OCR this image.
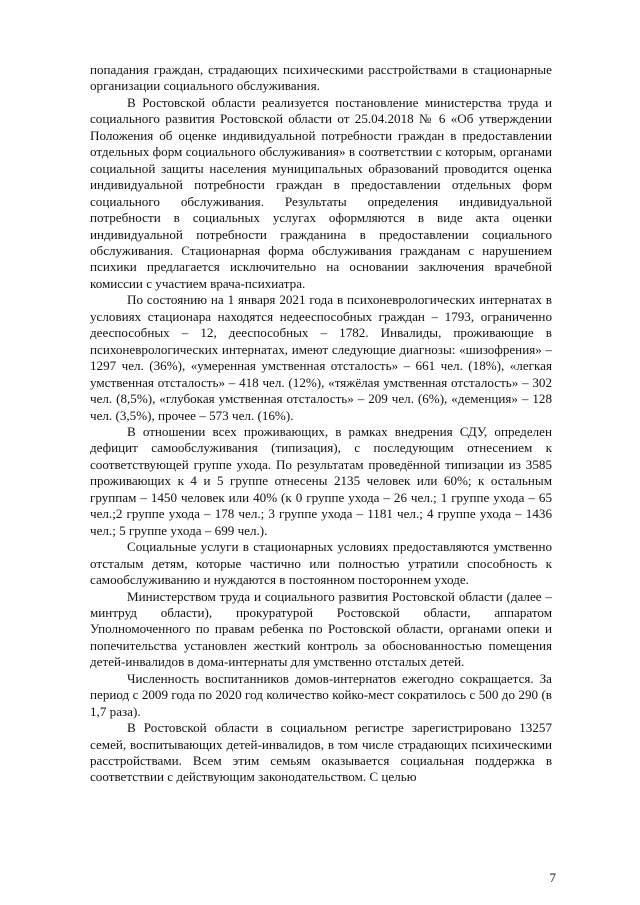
попадания граждан, страдающих психическими расстройствами в стационарные организации социального обслуживания.

В Ростовской области реализуется постановление министерства труда и социального развития Ростовской области от 25.04.2018 № 6 «Об утверждении Положения об оценке индивидуальной потребности граждан в предоставлении отдельных форм социального обслуживания» в соответствии с которым, органами социальной защиты населения муниципальных образований проводится оценка индивидуальной потребности граждан в предоставлении отдельных форм социального обслуживания. Результаты определения индивидуальной потребности в социальных услугах оформляются в виде акта оценки индивидуальной потребности гражданина в предоставлении социального обслуживания. Стационарная форма обслуживания гражданам с нарушением психики предлагается исключительно на основании заключения врачебной комиссии с участием врача-психиатра.

По состоянию на 1 января 2021 года в психоневрологических интернатах в условиях стационара находятся недееспособных граждан – 1793, ограниченно дееспособных – 12, дееспособных – 1782. Инвалиды, проживающие в психоневрологических интернатах, имеют следующие диагнозы: «шизофрения» – 1297 чел. (36%), «умеренная умственная отсталость» – 661 чел. (18%), «легкая умственная отсталость» – 418 чел. (12%), «тяжёлая умственная отсталость» – 302 чел. (8,5%), «глубокая умственная отсталость» – 209 чел. (6%), «деменция» – 128 чел. (3,5%), прочее – 573 чел. (16%).

В отношении всех проживающих, в рамках внедрения СДУ, определен дефицит самообслуживания (типизация), с последующим отнесением к соответствующей группе ухода. По результатам проведённой типизации из 3585 проживающих к 4 и 5 группе отнесены 2135 человек или 60%; к остальным группам – 1450 человек или 40% (к 0 группе ухода – 26 чел.; 1 группе ухода – 65 чел.;2 группе ухода – 178 чел.; 3 группе ухода – 1181 чел.; 4 группе ухода – 1436 чел.; 5 группе ухода – 699 чел.).

Социальные услуги в стационарных условиях предоставляются умственно отсталым детям, которые частично или полностью утратили способность к самообслуживанию и нуждаются в постоянном постороннем уходе.

Министерством труда и социального развития Ростовской области (далее – минтруд области), прокуратурой Ростовской области, аппаратом Уполномоченного по правам ребенка по Ростовской области, органами опеки и попечительства установлен жесткий контроль за обоснованностью помещения детей-инвалидов в дома-интернаты для умственно отсталых детей.

Численность воспитанников домов-интернатов ежегодно сокращается. За период с 2009 года по 2020 год количество койко-мест сократилось с 500 до 290 (в 1,7 раза).

В Ростовской области в социальном регистре зарегистрировано 13257 семей, воспитывающих детей-инвалидов, в том числе страдающих психическими расстройствами. Всем этим семьям оказывается социальная поддержка в соответствии с действующим законодательством. С целью

7
